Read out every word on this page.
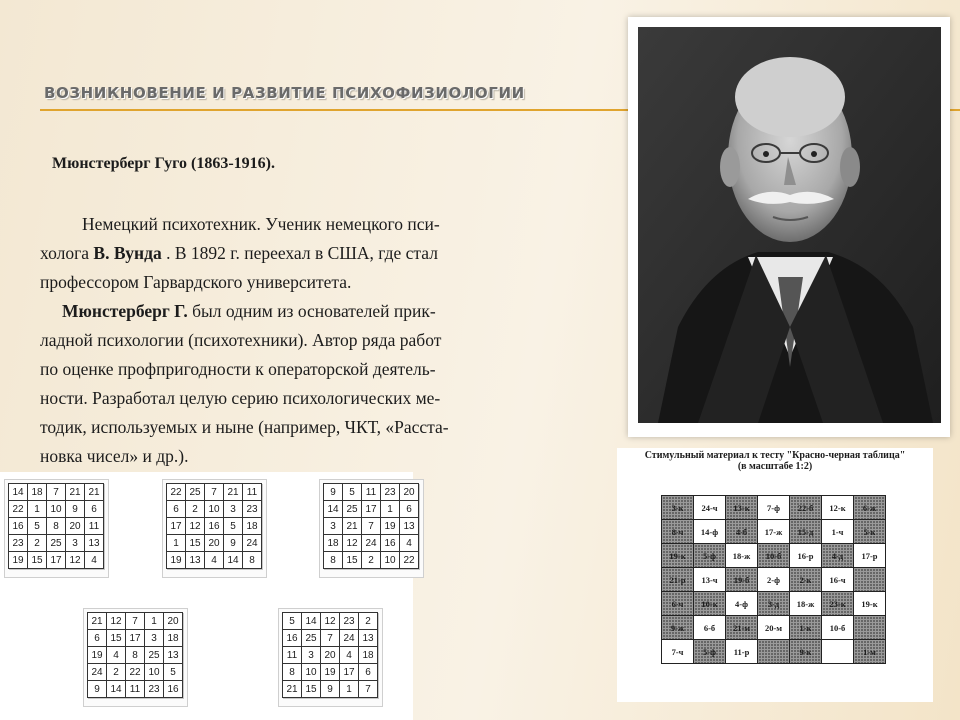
ВОЗНИКНОВЕНИЕ И РАЗВИТИЕ ПСИХОФИЗИОЛОГИИ
Мюнстерберг Гуго (1863-1916).
Немецкий психотехник. Ученик немецкого пси-
холога В. Вунда . В 1892 г. переехал в США, где стал
профессором Гарвардского университета.
Мюнстерберг Г. был одним из основателей прик-
ладной психологии (психотехники). Автор ряда работ
по оценке профпригодности к операторской деятель-
ности. Разработал целую серию психологических ме-
тодик, используемых и ныне (например, ЧКТ, «Расста-
новка чисел» и др.).
14	18	7	21	21
22	1	10	9	6
16	5	8	20	11
23	2	25	3	13
19	15	17	12	4
22	25	7	21	11
6	2	10	3	23
17	12	16	5	18
1	15	20	9	24
19	13	4	14	8
9	5	11	23	20
14	25	17	1	6
3	21	7	19	13
18	12	24	16	4
8	15	2	10	22
21	12	7	1	20
6	15	17	3	18
19	4	8	25	13
24	2	22	10	5
9	14	11	23	16
5	14	12	23	2
16	25	7	24	13
11	3	20	4	18
8	10	19	17	6
21	15	9	1	7
Стимульный материал к тесту "Красно-черная таблица"
(в масштабе 1:2)
3-к	24-ч	13-к	7-ф	22-б	12-к	6-ж
8-ч	14-ф	4-б	17-ж	15-д	1-ч	5-к
19-к	5-ф	18-ж	10-б	16-р	4-д	17-р
21-р	13-ч	19-б	2-ф	2-к	16-ч	
6-ч	10-к	4-ф	3-д	18-ж	23-к	19-к
9-ж	6-б	21-м	20-м	1-к	10-б	
7-ч	5-ф	11-р		9-к		1-м
